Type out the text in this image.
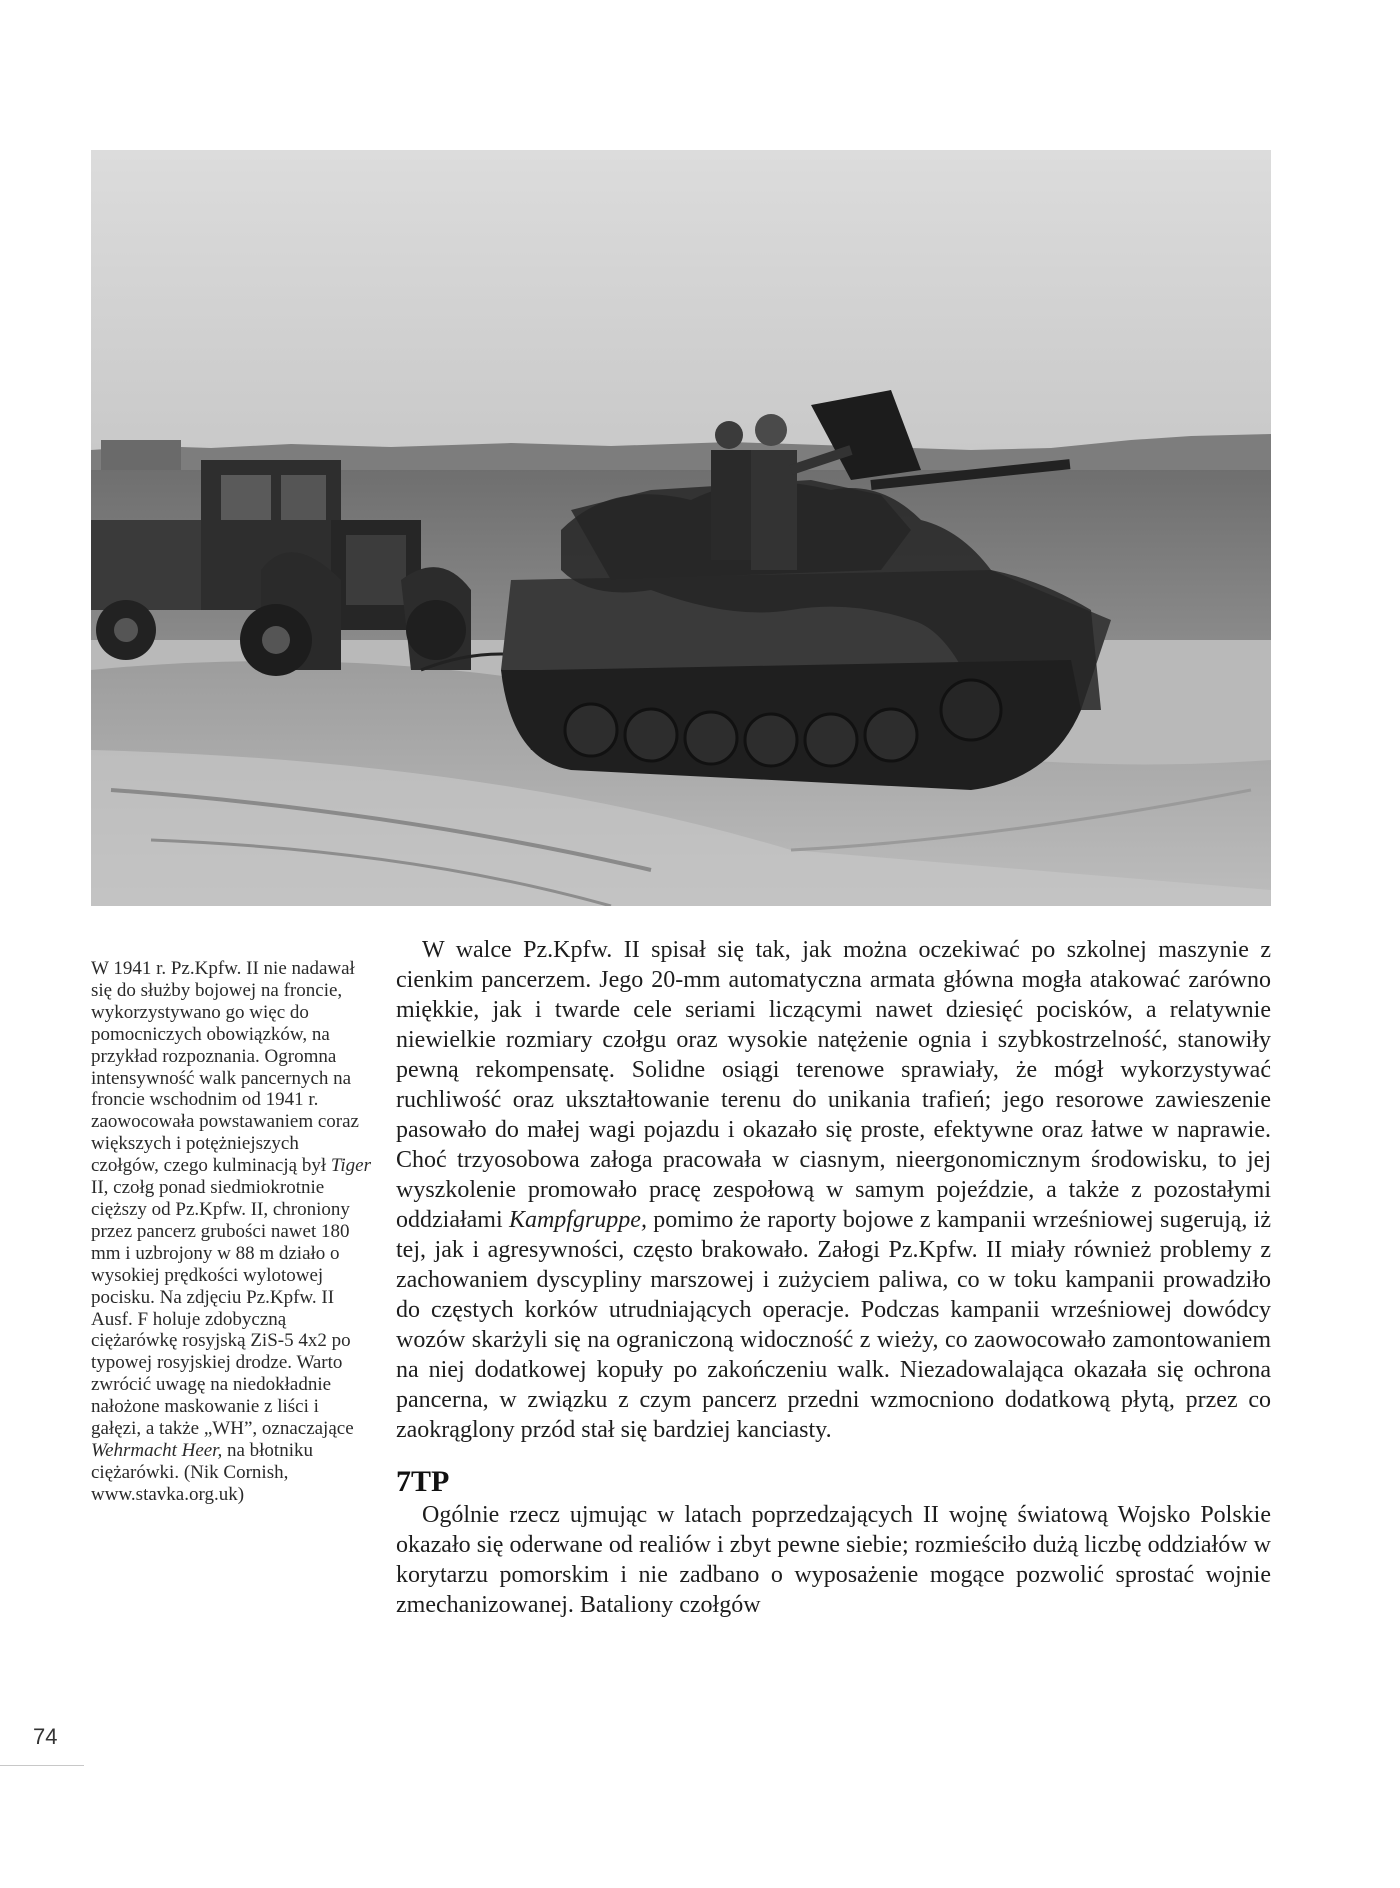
W 1941 r. Pz.Kpfw. II nie nadawał się do służby bojowej na froncie, wykorzystywano go więc do pomocniczych obowiązków, na przykład rozpoznania. Ogromna intensywność walk pancernych na froncie wschodnim od 1941 r. zaowocowała powstawaniem coraz większych i potężniejszych czołgów, czego kulminacją był Tiger II, czołg ponad siedmiokrotnie cięższy od Pz.Kpfw. II, chroniony przez pancerz grubości nawet 180 mm i uzbrojony w 88 m działo o wysokiej prędkości wylotowej pocisku. Na zdjęciu Pz.Kpfw. II Ausf. F holuje zdobyczną ciężarówkę rosyjską ZiS-5 4x2 po typowej rosyjskiej drodze. Warto zwrócić uwagę na niedokładnie nałożone maskowanie z liści i gałęzi, a także „WH”, oznaczające Wehrmacht Heer, na błotniku ciężarówki. (Nik Cornish, www.stavka.org.uk)

W walce Pz.Kpfw. II spisał się tak, jak można oczekiwać po szkolnej maszynie z cienkim pancerzem. Jego 20-mm automatyczna armata główna mogła atakować zarówno miękkie, jak i twarde cele seriami liczącymi nawet dziesięć pocisków, a relatywnie niewielkie rozmiary czołgu oraz wysokie natężenie ognia i szybkostrzelność, stanowiły pewną rekompensatę. Solidne osiągi terenowe sprawiały, że mógł wykorzystywać ruchliwość oraz ukształtowanie terenu do unikania trafień; jego resorowe zawieszenie pasowało do małej wagi pojazdu i okazało się proste, efektywne oraz łatwe w naprawie. Choć trzyosobowa załoga pracowała w ciasnym, nieergonomicznym środowisku, to jej wyszkolenie promowało pracę zespołową w samym pojeździe, a także z pozostałymi oddziałami Kampfgruppe, pomimo że raporty bojowe z kampanii wrześniowej sugerują, iż tej, jak i agresywności, często brakowało. Załogi Pz.Kpfw. II miały również problemy z zachowaniem dyscypliny marszowej i zużyciem paliwa, co w toku kampanii prowadziło do częstych korków utrudniających operacje. Podczas kampanii wrześniowej dowódcy wozów skarżyli się na ograniczoną widoczność z wieży, co zaowocowało zamontowaniem na niej dodatkowej kopuły po zakończeniu walk. Niezadowalająca okazała się ochrona pancerna, w związku z czym pancerz przedni wzmocniono dodatkową płytą, przez co zaokrąglony przód stał się bardziej kanciasty.

7TP

Ogólnie rzecz ujmując w latach poprzedzających II wojnę światową Wojsko Polskie okazało się oderwane od realiów i zbyt pewne siebie; rozmieściło dużą liczbę oddziałów w korytarzu pomorskim i nie zadbano o wyposażenie mogące pozwolić sprostać wojnie zmechanizowanej. Bataliony czołgów

74
